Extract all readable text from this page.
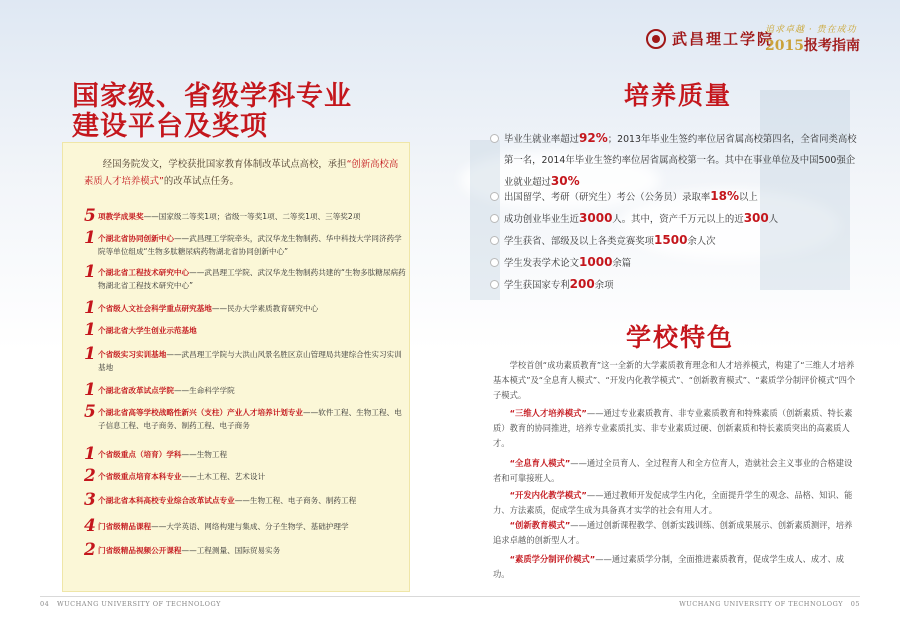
武昌理工学院
追求卓越 · 贵在成功
2015报考指南
国家级、省级学科专业
建设平台及奖项
经国务院发文，学校获批国家教育体制改革试点高校，承担“创新高校高素质人才培养模式”的改革试点任务。
5 项教学成果奖——国家级二等奖1项；省级一等奖1项、二等奖1项、三等奖2项
1 个湖北省协同创新中心——武昌理工学院牵头，武汉华龙生物制药、华中科技大学同济药学院等单位组成“生物多肽糖尿病药物湖北省协同创新中心”
1 个湖北省工程技术研究中心——武昌理工学院、武汉华龙生物制药共建的“生物多肽糖尿病药物湖北省工程技术研究中心”
1 个省级人文社会科学重点研究基地——民办大学素质教育研究中心
1 个湖北省大学生创业示范基地
1 个省级实习实训基地——武昌理工学院与大洪山风景名胜区京山管理局共建综合性实习实训基地
1 个湖北省改革试点学院——生命科学学院
5 个湖北省高等学校战略性新兴（支柱）产业人才培养计划专业——软件工程、生物工程、电子信息工程、电子商务、制药工程、电子商务
1 个省级重点（培育）学科——生物工程
2 个省级重点培育本科专业——土木工程、艺术设计
3 个湖北省本科高校专业综合改革试点专业——生物工程、电子商务、制药工程
4 门省级精品课程——大学英语、网络构建与集成、分子生物学、基础护理学
2 门省级精品视频公开课程——工程测量、国际贸易实务
培养质量
毕业生就业率超过92%；2013年毕业生签约率位居省属高校第四名，全省同类高校第一名，2014年毕业生签约率位居省属高校第一名。其中在事业单位及中国500强企业就业超过30%
出国留学、考研（研究生）考公（公务员）录取率18%以上
成功创业毕业生近3000人。其中，资产千万元以上的近300人
学生获省、部级及以上各类竞赛奖项1500余人次
学生发表学术论文1000余篇
学生获国家专利200余项
学校特色
学校首创“成功素质教育”这一全新的大学素质教育理念和人才培养模式，构建了“三维人才培养基本模式”及“全息育人模式”、“开发内化教学模式”、“创新教育模式”、“素质学分制评价模式”四个子模式。
“三维人才培养模式”——通过专业素质教育、非专业素质教育和特殊素质（创新素质、特长素质）教育的协同推进，培养专业素质扎实、非专业素质过硬、创新素质和特长素质突出的高素质人才。
“全息育人模式”——通过全员育人、全过程育人和全方位育人，造就社会主义事业的合格建设者和可靠接班人。
“开发内化教学模式”——通过教师开发促成学生内化，全面提升学生的观念、品格、知识、能力、方法素质，促成学生成为具备真才实学的社会有用人才。
“创新教育模式”——通过创新课程教学、创新实践训练、创新成果展示、创新素质测评，培养追求卓越的创新型人才。
“素质学分制评价模式”——通过素质学分制，全面推进素质教育，促成学生成人、成才、成功。
04 WUCHANG UNIVERSITY OF TECHNOLOGY	WUCHANG UNIVERSITY OF TECHNOLOGY 05
